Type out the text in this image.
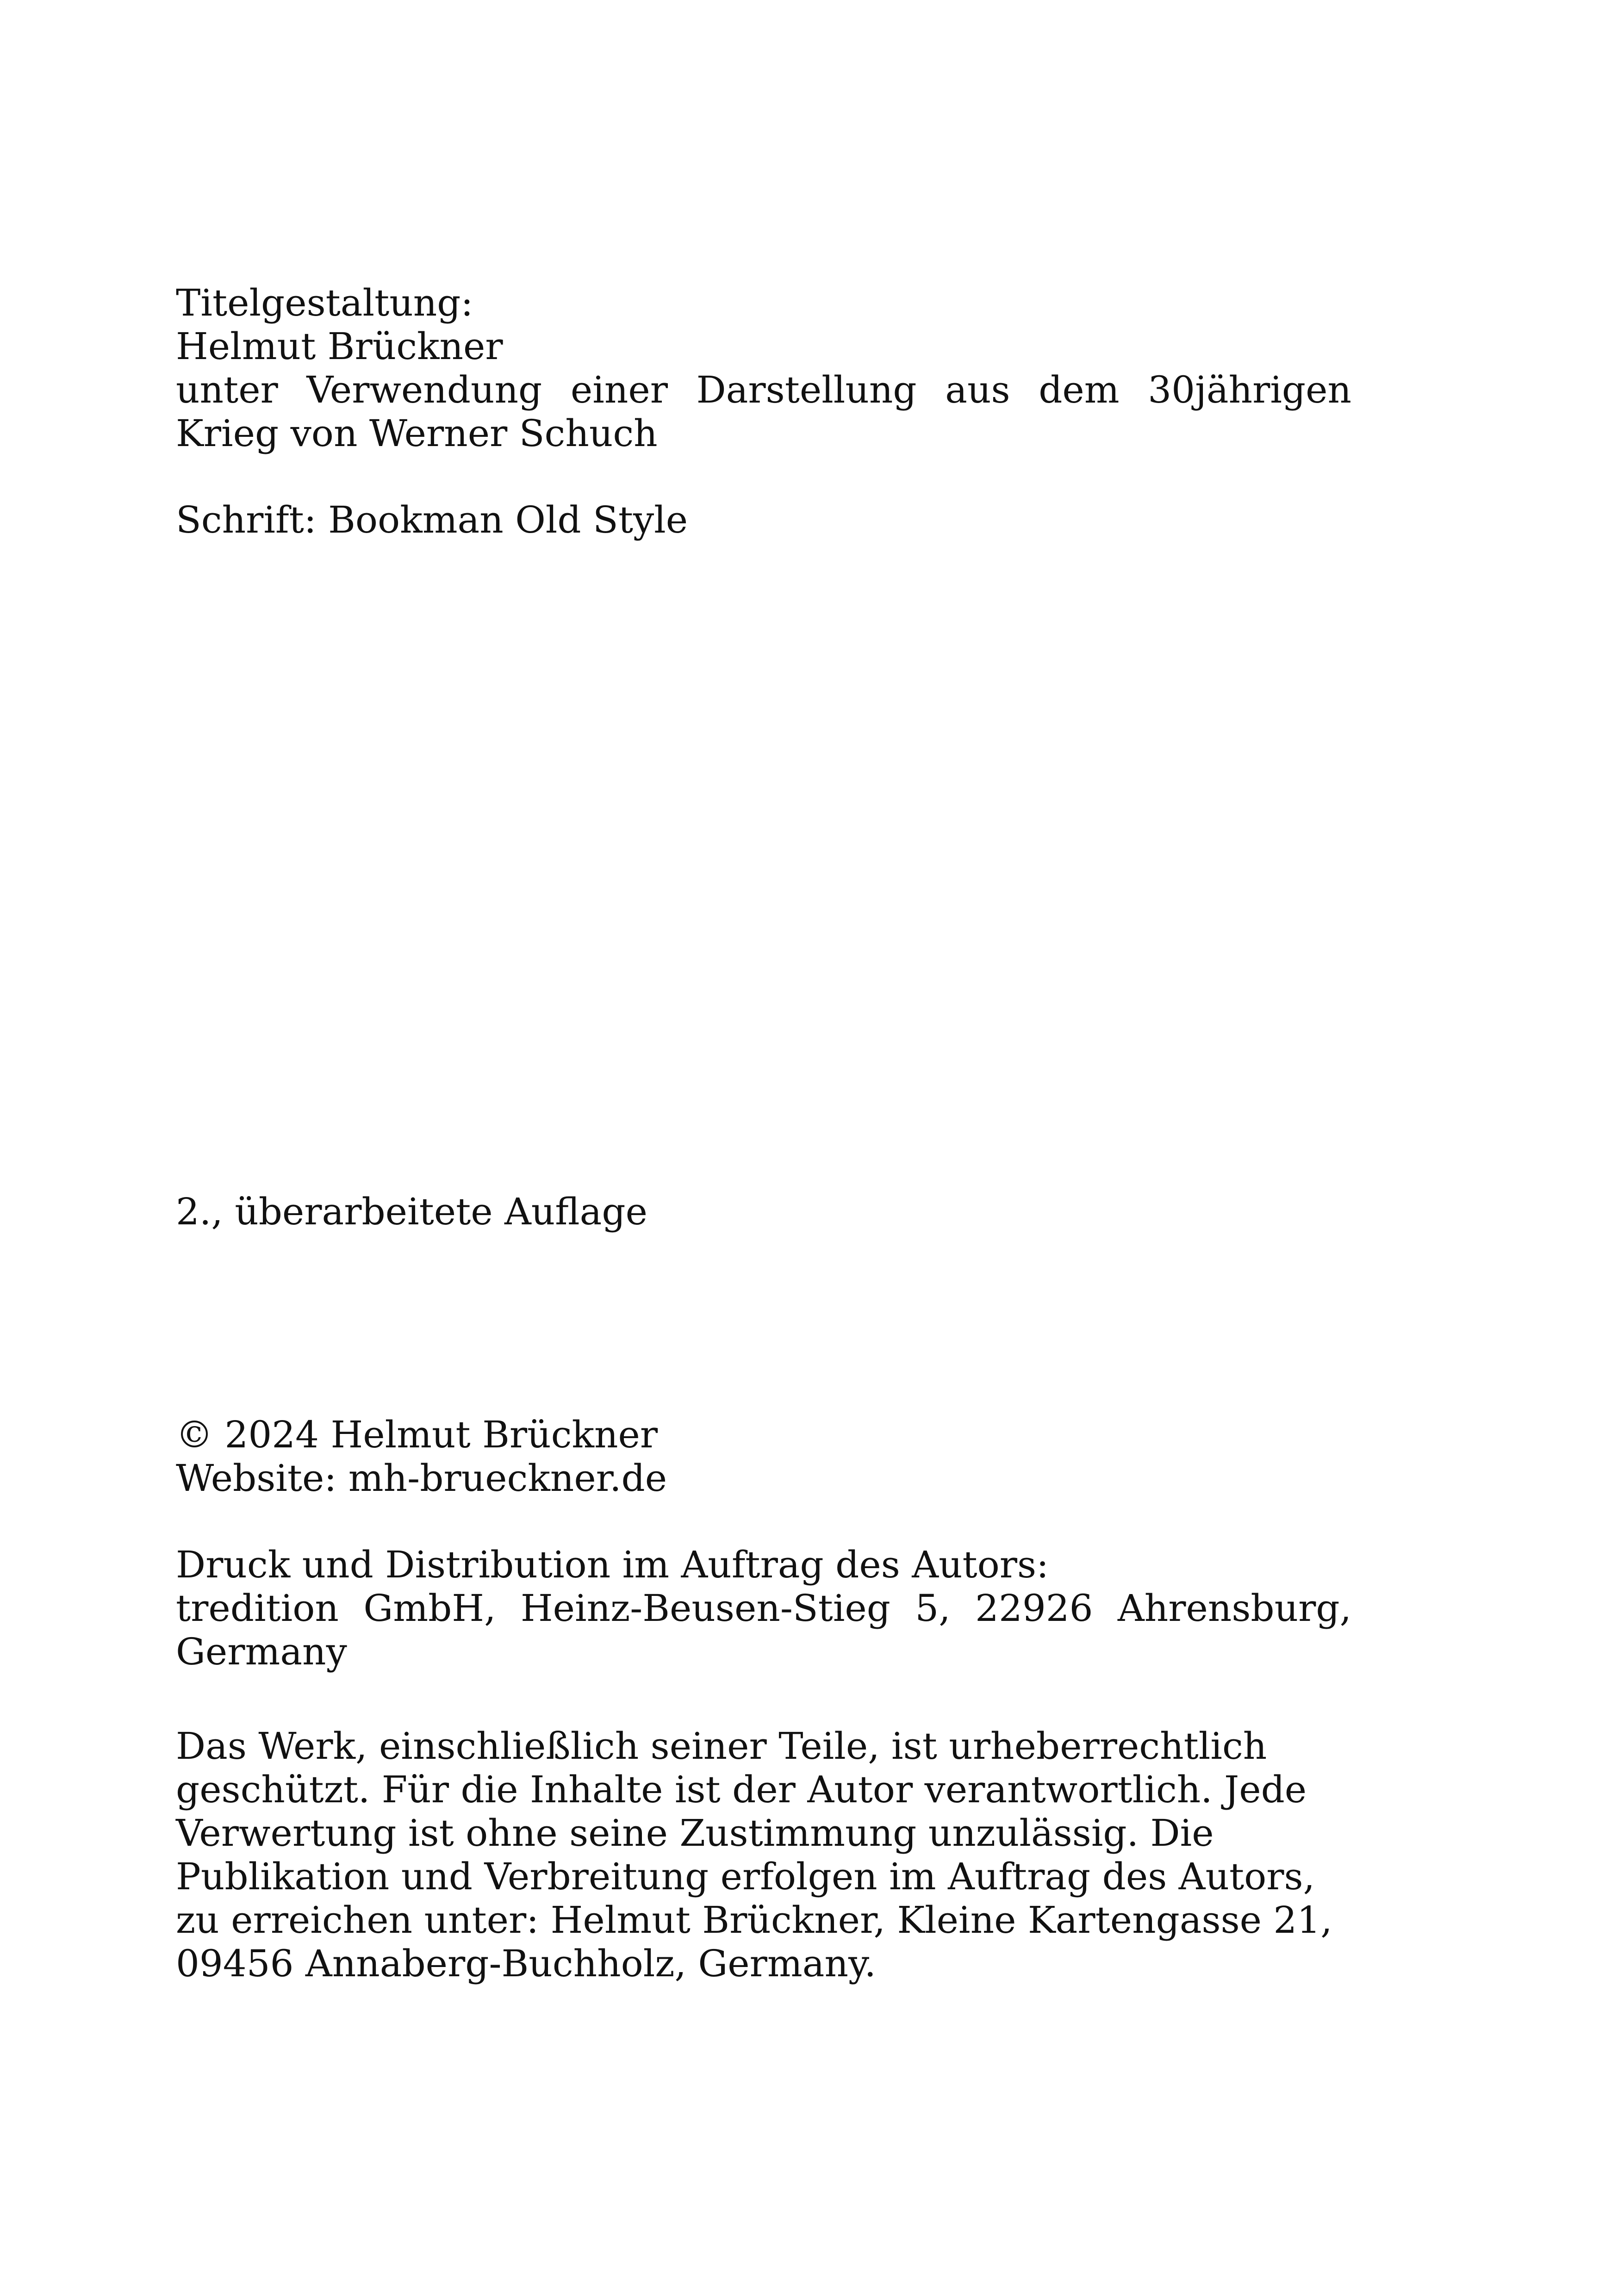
Titelgestaltung:
Helmut Brückner
unter Verwendung einer Darstellung aus dem 30jährigen
Krieg von Werner Schuch
Schrift: Bookman Old Style
2., überarbeitete Auflage
© 2024 Helmut Brückner
Website: mh-brueckner.de
Druck und Distribution im Auftrag des Autors:
tredition GmbH, Heinz-Beusen-Stieg 5, 22926 Ahrensburg,
Germany
Das Werk, einschließlich seiner Teile, ist urheberrechtlich
geschützt. Für die Inhalte ist der Autor verantwortlich. Jede
Verwertung ist ohne seine Zustimmung unzulässig. Die
Publikation und Verbreitung erfolgen im Auftrag des Autors,
zu erreichen unter: Helmut Brückner, Kleine Kartengasse 21,
09456 Annaberg-Buchholz, Germany.
